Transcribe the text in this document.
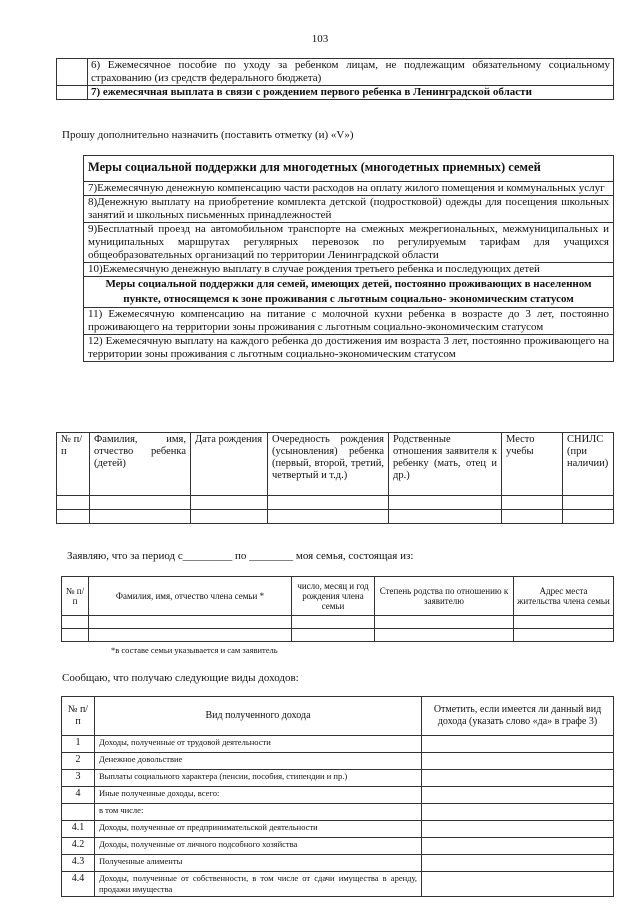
103
	6) Ежемесячное пособие по уходу за ребенком лицам, не подлежащим обязательному социальному страхованию (из средств федерального бюджета)
	7) ежемесячная выплата в связи с рождением первого ребенка в Ленинградской области
Прошу дополнительно назначить (поставить отметку (и) «V»)
Меры социальной поддержки для многодетных (многодетных приемных) семей
7)Ежемесячную денежную компенсацию части расходов на оплату жилого помещения и коммунальных услуг
8)Денежную выплату на приобретение комплекта детской (подростковой) одежды для посещения школьных занятий и школьных письменных принадлежностей
9)Бесплатный проезд на автомобильном транспорте на смежных межрегиональных, межмуниципальных и муниципальных маршрутах регулярных перевозок по регулируемым тарифам для учащихся общеобразовательных организаций по территории Ленинградской области
10)Ежемесячную денежную выплату в случае рождения третьего ребенка и последующих детей
Меры социальной поддержки для семей, имеющих детей, постоянно проживающих в населенном пункте, относящемся к зоне проживания с льготным социально- экономическим статусом
11) Ежемесячную компенсацию на питание с молочной кухни ребенка в возрасте до 3 лет, постоянно проживающего на территории зоны проживания с льготным социально-экономическим статусом
12) Ежемесячную выплату на каждого ребенка до достижения им возраста 3 лет, постоянно проживающего на территории зоны проживания с льготным социально-экономическим статусом
№ п/п	Фамилия, имя, отчество ребенка (детей)	Дата рождения	Очередность рождения (усыновления) ребенка (первый, второй, третий, четвертый и т.д.)	Родственные отношения заявителя к ребенку (мать, отец и др.)	Место учебы	СНИЛС (при наличии)

Заявляю, что за период с_________ по ________ моя семья, состоящая из:
№ п/п	Фамилия, имя, отчество члена семьи *	число, месяц и год рождения члена семьи	Степень родства по отношению к заявителю	Адрес места жительства члена семьи

*в составе семьи указывается и сам заявитель
Сообщаю, что получаю следующие виды доходов:
№ п/п	Вид полученного дохода	Отметить, если имеется ли данный вид дохода (указать слово «да» в графе 3)
1	Доходы, полученные от трудовой деятельности	
2	Денежное довольствие	
3	Выплаты социального характера (пенсии, пособия, стипендии и пр.)	
4	Иные полученные доходы, всего:	
	в том числе:	
4.1	Доходы, полученные от предпринимательской деятельности	
4.2	Доходы, полученные от личного подсобного хозяйства	
4.3	Полученные алименты	
4.4	Доходы, полученные от собственности, в том числе от сдачи имущества в аренду, продажи имущества	
